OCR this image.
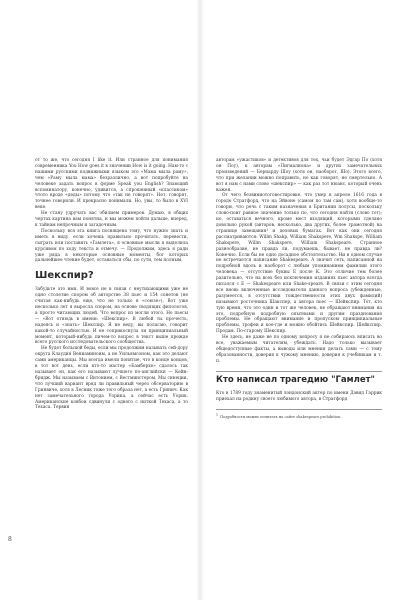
от то же, что сегодня I like it. Или странное для понимания современника You How goes it в значении How is it going. Нам-то с нашими русскими подвижными языком это «Мама мыла раму», чем «Раму мыла мама» безразлично, а вот попробуйте на человеке задать вопрос в форме Speak you English? Знающий вспоминатору, конечно, удивится, а спрошенный «классиком» чтото вроде «деды» потому что «так не говорят». Нет, говорят, точнее говорили. И прекрасно понимали. Но, увы, то было в XVI веке.

Не стану удручать вас обилием примеров. Думаю, в общих чертах картина вам понятна, и мы можем пойти дальше, вперед, к тайнам непрочным и загадочным.

Поскольку вся эта книга посвящена тому, что нужно знать и иметь в виду, если хочешь правильно прочитать, перевести, сыграть или поставить «Гамлета», я основные мысли я выделила курсивом по ходу текста и отмечу. — Продолжим, здесь я ради уже ряда в некоторые основные моменты, бог которых дальнейшее чтение будет, оставаться сбы, по сути, тем полным.

Шекспир?

Забудьте это имя. И вовсе не в связи с неутихающими уже не одно столетие спором об авторстве 38 пьес и 154 сонетов (не считая как-нибудь еще, что не только в «союзе»). Вот уже несколько лет я выросла спором, на основе сводящих филологов, а просто читающих людей. Что вопрос из могли этого. Но пьесы — «Вот отнюдь в имени: «Шекспир». В любой ты прочесть, надеясь и «знать» Шекспир. Я не веду, вы полагаю, говорит какой-то случайностью. И не соприкоснула ли принципиальный момент, который-нибудь пичем-то вопрос в текст выше прежде всего русского исследовательского сообщества.

Не будет большой беды, если мы продолжим называть сей-дору округа Клаудия Вениаминоим, а не Уильямсоном, как это делают сами американцы. Мы всегда имели понятие, что в конце концов, в тот вот день, если кто-то мастер «Бамберхе» сдалось так называет он, как его называют лучшего по-английски — Кейн-бридж. Мы называем с Витонием, с Вестминстером. Мы синеции, что лучший вариант вряд ли правильный через обсерваторию в Гринвиче, хотя в Лесник тоже того образа нет, а есть Гринич. Как нет замечательного города Уорика, а сейчас есть Уорик. Американские ковбои сдвинули с одного с ниткой Техаса, а то Техаса. Тервин

8

авторам «ужастиков» и детективов для тех, чьи будет Эдгар По (хотя он Поу), к авторам «Пигмалиона» и других замечательных произведений — Бернарду Шоу (хотя он, наоборот, Шо). Этого всего, что при желании можно поправить, но как говорят, не смертельно. А вот я нам с нами слово «шекспир» — как раз тот нюанс, который очень важен.

От чего безвиниотоговостировке, что умер в апреле 1616 года в городе Стратфорд, что на Эйвоне (самом по там сам), хотя вообще-то говорю, что речь с таким назначения в Британии полусы, поскольку слово-поит равное значение только по, что сегодня найти (слово тот); но, оставаться вечного, кроме мест входящий, которыми сделано довольно рукой (авторов, несколько, два других, более грамотной) на странице завещания¹ и деловых бумагах. Вот как они сегодня рассматриваются: Willm Shakp, William Shakspere, Wm Shakspe, William Shakspere, Willm Shakspere, William Shakspeare. Странное разнообразие, не правда ли, подумаешь, бывает, не правда ли? Конечно. Если бы не одно досадное обстоятельство. Ни в одном случае не встречается написание Shakespeare. А значит сеть, написанной на подробной вдоль и наоборот с любым упоминанием фамилии этого человека — отсутствие буквы E после K. Это отличие тем более разительно, что на всех без исключения изданиях пьес автора всегда писался с E — Shakespeare или Shake-speare. В связи с этим сегодня все вновь включенные исследователи данного вопроса (убежденные, разумеется, в отсутствии тождественности этих двух фамилий) называют росточника Шакспер, а автора пьес — Шейкспир. Тот, кто тую время, что это один и тот же человек, не обращают внимания на это, подробную подробную опытными и другим празднования проблемы. Не обращают внимание и пропуском принципиальные проблемы, трофеи и кое-где и можно обойтись Шейкспир. Шейкспир. Продам. По-старому Шекспир.

Не здесь, не даже не по одному вопросу я не собираюсь вписать во все, уважаемым читателям, убеждать. Надо только вызывает общедоступные факты, а выводы или мнения делать сами — с тому образованности, доверия к чужому мнению, доверия к учебникам и т. п.

Кто написал трагедию "Гамлет"

Кто в 1789 году знаменитый лондонский актер по имени Дэвид Гаррик приехал на родину своего любимого автора, в Стратфорд

1Подробности можно почитать на сайте shakespeare.prohibition.
